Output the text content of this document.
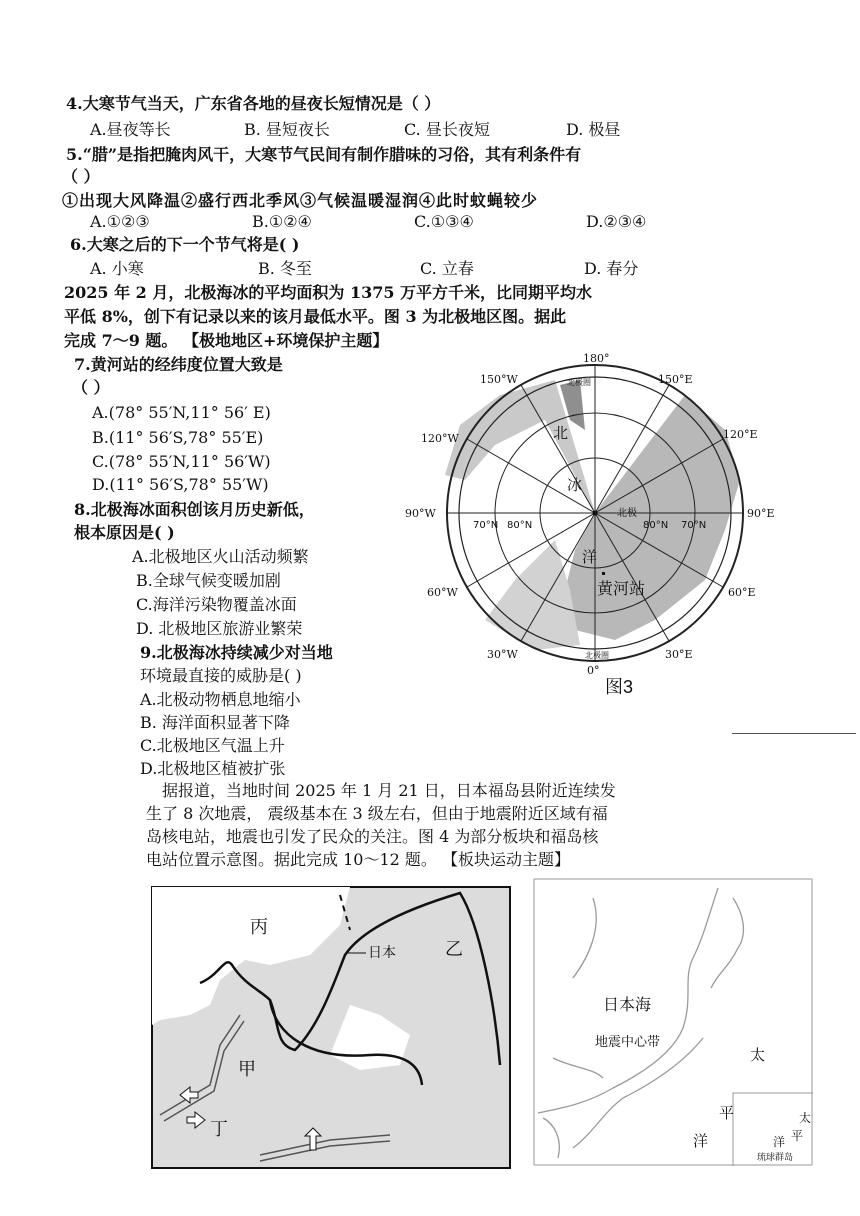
4.大寒节气当天，广东省各地的昼夜长短情况是（ ）
A.昼夜等长	B. 昼短夜长	C. 昼长夜短	D. 极昼
5.“腊”是指把腌肉风干，大寒节气民间有制作腊味的习俗，其有利条件有
（ ）
①出现大风降温②盛行西北季风③气候温暖湿润④此时蚊蝇较少
A.①②③	B.①②④	C.①③④	D.②③④
6.大寒之后的下一个节气将是( )
A. 小寒	B. 冬至	C. 立春	D. 春分
2025 年 2 月，北极海冰的平均面积为 1375 万平方千米，比同期平均水
平低 8%，创下有记录以来的该月最低水平。图 3 为北极地区图。据此
完成 7～9 题。 【极地地区+环境保护主题】
7.黄河站的经纬度位置大致是
（ ）
A.(78° 55′N,11° 56′ E)
B.(11° 56′S,78° 55′E)
C.(78° 55′N,11° 56′W)
D.(11° 56′S,78° 55′W)
8.北极海冰面积创该月历史新低，
根本原因是( )
A.北极地区火山活动频繁
B.全球气候变暖加剧
C.海洋污染物覆盖冰面
D. 北极地区旅游业繁荣
9.北极海冰持续减少对当地
环境最直接的威胁是( )
A.北极动物栖息地缩小
B. 海洋面积显著下降
C.北极地区气温上升
D.北极地区植被扩张
据报道，当地时间 2025 年 1 月 21 日，日本福岛县附近连续发
生了 8 次地震， 震级基本在 3 级左右，但由于地震附近区域有福
岛核电站，地震也引发了民众的关注。图 4 为部分板块和福岛核
电站位置示意图。据此完成 10～12 题。 【板块运动主题】
180°
150°E
120°E
90°E
60°E
30°E
0°
30°W
60°W
90°W
120°W
150°W	北极圈
北极圈
80°N 70°N
70°N 80°N
北极
北
冰
洋
黄河站
图3
丙
乙
甲
丁
日本
日本海
地震中心带
太
平
洋
太
平
洋
琉球群岛
